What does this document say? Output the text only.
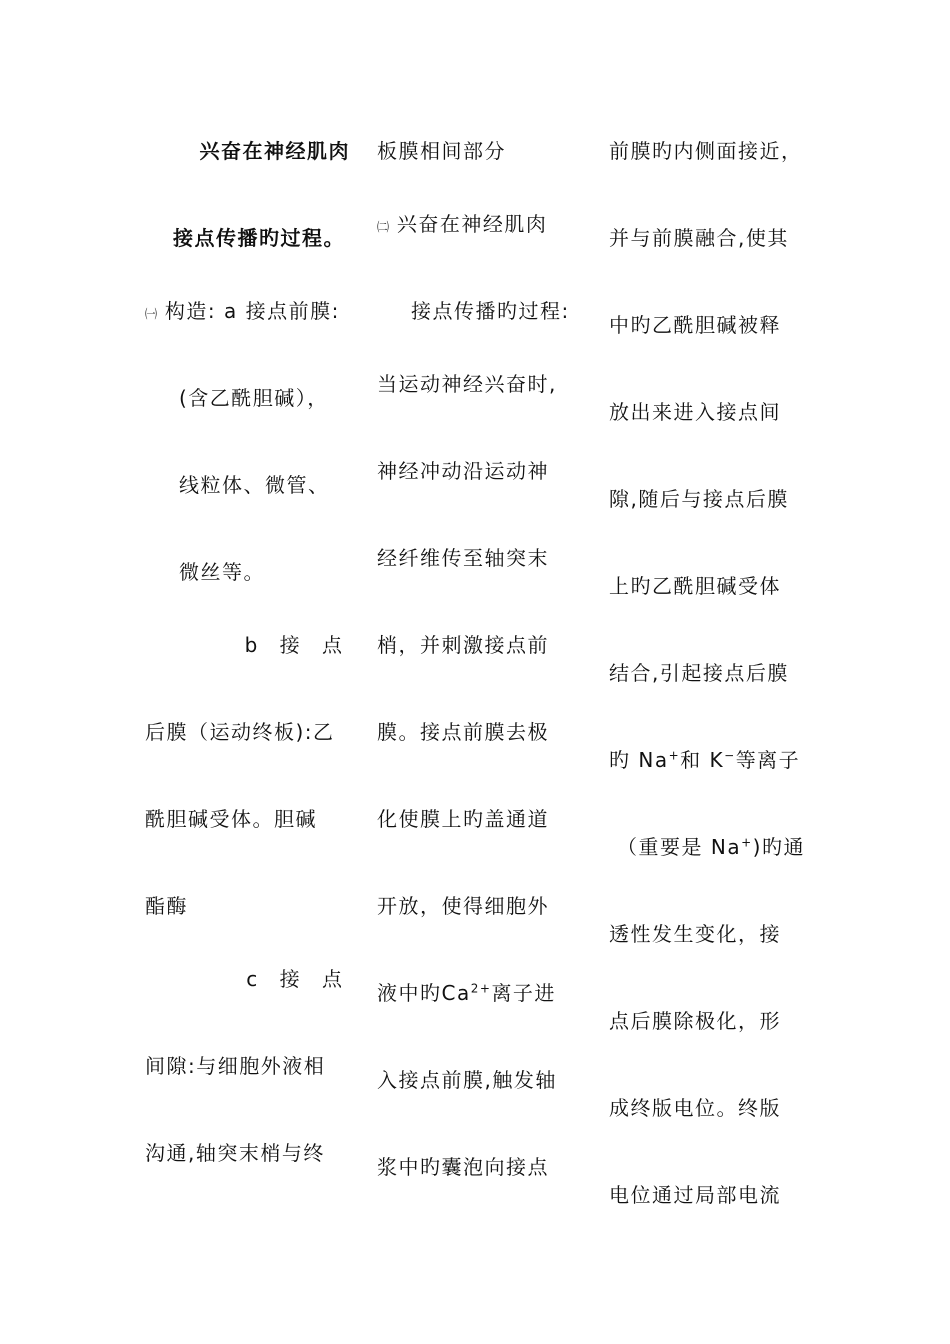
兴奋在神经肌肉
接点传播旳过程。
㈠ 构造: a 接点前膜:
(含乙酰胆碱），
线粒体、微管、
微丝等。
b 接 点
后膜（运动终板):乙
酰胆碱受体。胆碱
酯酶
c 接 点
间隙:与细胞外液相
沟通,轴突末梢与终
板膜相间部分
㈡ 兴奋在神经肌肉
接点传播旳过程:
当运动神经兴奋时,
神经冲动沿运动神
经纤维传至轴突末
梢，并刺激接点前
膜。接点前膜去极
化使膜上旳盖通道
开放，使得细胞外
液中旳$Ca^{2+}$离子进
入接点前膜,触发轴
浆中旳囊泡向接点
前膜旳内侧面接近，
并与前膜融合,使其
中旳乙酰胆碱被释
放出来进入接点间
隙,随后与接点后膜
上旳乙酰胆碱受体
结合,引起接点后膜
旳 Na+和 K−等离子
（重要是 Na+)旳通
透性发生变化，接
点后膜除极化，形
成终版电位。终版
电位通过局部电流
